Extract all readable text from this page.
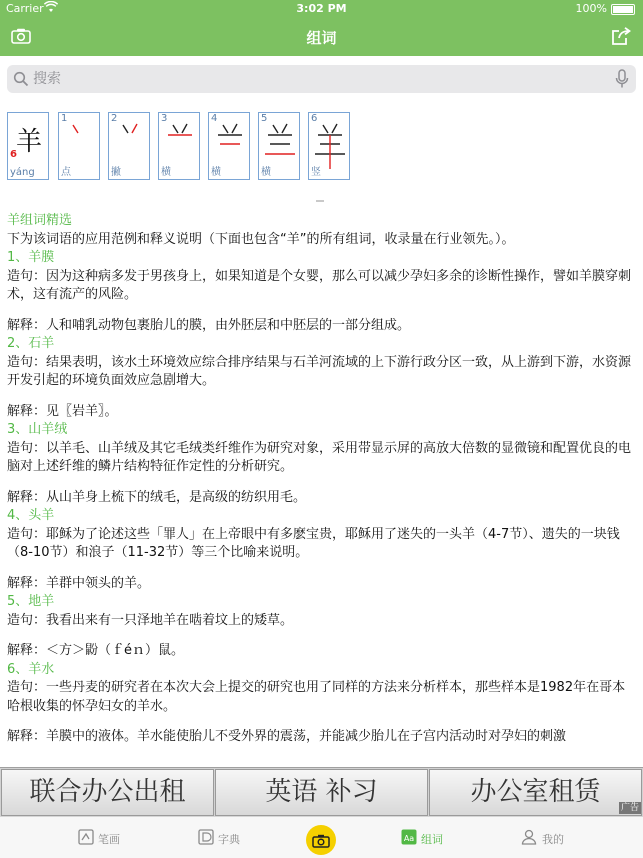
Carrier	3:02 PM	100%
组词
搜索
羊
6
yáng
1
点
2
撇
3
横
4
横
5
横
6
竖
羊组词精选
下为该词语的应用范例和释义说明（下面也包含“羊”的所有组词，收录量在行业领先。）。
1、羊膜
造句：因为这种病多发于男孩身上，如果知道是个女婴，那么可以减少孕妇多余的诊断性操作，譬如羊膜穿刺术，这有流产的风险。
解释：人和哺乳动物包裹胎儿的膜，由外胚层和中胚层的一部分组成。
2、石羊
造句：结果表明，该水土环境效应综合排序结果与石羊河流域的上下游行政分区一致，从上游到下游，水资源开发引起的环境负面效应急剧增大。
解释：见〖岩羊〗。
3、山羊绒
造句：以羊毛、山羊绒及其它毛绒类纤维作为研究对象，采用带显示屏的高放大倍数的显微镜和配置优良的电脑对上述纤维的鳞片结构特征作定性的分析研究。
解释：从山羊身上梳下的绒毛，是高级的纺织用毛。
4、头羊
造句：耶稣为了论述这些「罪人」在上帝眼中有多麽宝贵，耶稣用了迷失的一头羊（4-7节）、遗失的一块钱（8-10节）和浪子（11-32节）等三个比喻来说明。
解释：羊群中领头的羊。
5、地羊
造句：我看出来有一只泽地羊在啮着坟上的矮草。
解释：＜方＞鼢（ｆéｎ）鼠。
6、羊水
造句：一些丹麦的研究者在本次大会上提交的研究也用了同样的方法来分析样本，那些样本是1982年在哥本哈根收集的怀孕妇女的羊水。
解释：羊膜中的液体。羊水能使胎儿不受外界的震荡，并能减少胎儿在子宫内活动时对孕妇的刺激
联合办公出租	英语 补习	办公室租赁
广告
笔画	字典	Aa 组词	我的
